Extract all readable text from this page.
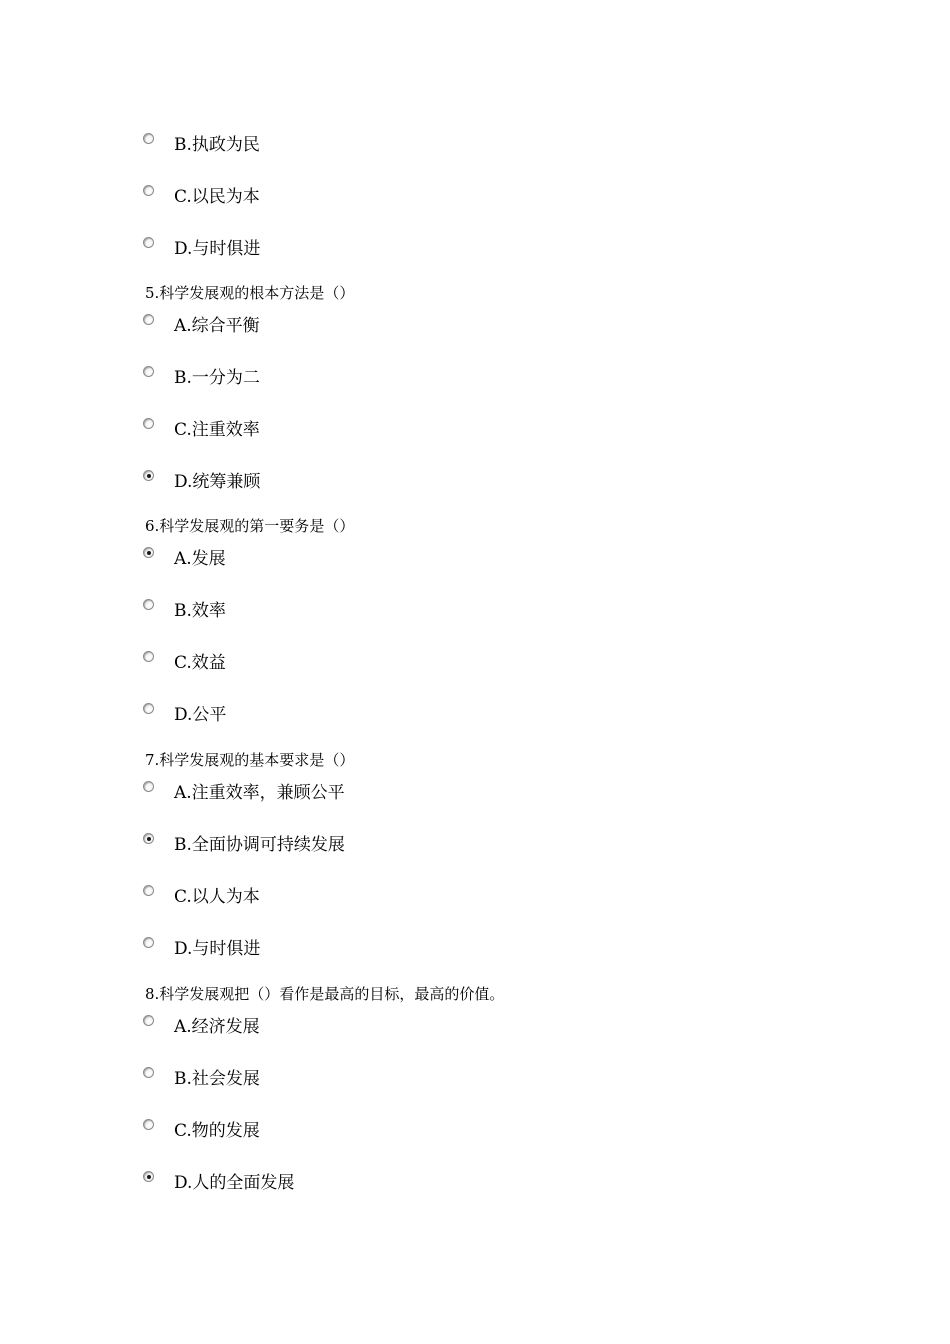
B.执政为民
C.以民为本
D.与时俱进
5.科学发展观的根本方法是（）
A.综合平衡
B.一分为二
C.注重效率
D.统筹兼顾
6.科学发展观的第一要务是（）
A.发展
B.效率
C.效益
D.公平
7.科学发展观的基本要求是（）
A.注重效率，兼顾公平
B.全面协调可持续发展
C.以人为本
D.与时俱进
8.科学发展观把（）看作是最高的目标，最高的价值。
A.经济发展
B.社会发展
C.物的发展
D.人的全面发展
